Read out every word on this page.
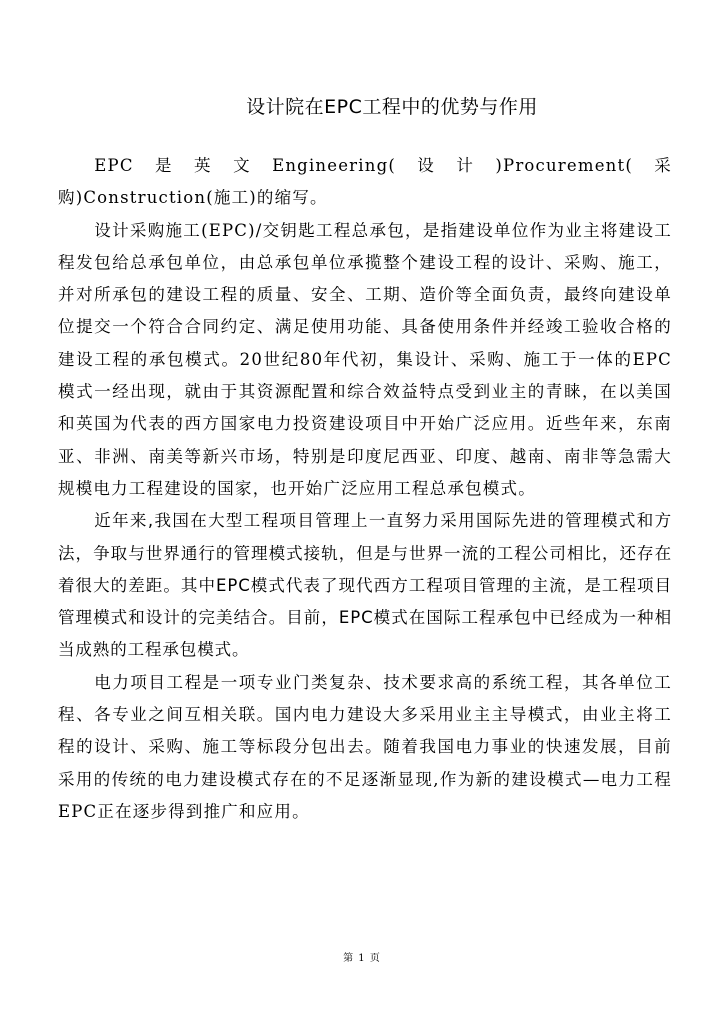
设计院在EPC工程中的优势与作用

EPC是英文Engineering(设计)Procurement(采购)Construction(施工)的缩写。

设计采购施工(EPC)/交钥匙工程总承包，是指建设单位作为业主将建设工程发包给总承包单位，由总承包单位承揽整个建设工程的设计、采购、施工，并对所承包的建设工程的质量、安全、工期、造价等全面负责，最终向建设单位提交一个符合合同约定、满足使用功能、具备使用条件并经竣工验收合格的建设工程的承包模式。20世纪80年代初，集设计、采购、施工于一体的EPC模式一经出现，就由于其资源配置和综合效益特点受到业主的青睐，在以美国和英国为代表的西方国家电力投资建设项目中开始广泛应用。近些年来，东南亚、非洲、南美等新兴市场，特别是印度尼西亚、印度、越南、南非等急需大规模电力工程建设的国家，也开始广泛应用工程总承包模式。

近年来,我国在大型工程项目管理上一直努力采用国际先进的管理模式和方法，争取与世界通行的管理模式接轨，但是与世界一流的工程公司相比，还存在着很大的差距。其中EPC模式代表了现代西方工程项目管理的主流，是工程项目管理模式和设计的完美结合。目前，EPC模式在国际工程承包中已经成为一种相当成熟的工程承包模式。

电力项目工程是一项专业门类复杂、技术要求高的系统工程，其各单位工程、各专业之间互相关联。国内电力建设大多采用业主主导模式，由业主将工程的设计、采购、施工等标段分包出去。随着我国电力事业的快速发展，目前采用的传统的电力建设模式存在的不足逐渐显现,作为新的建设模式—电力工程EPC正在逐步得到推广和应用。

第 1 页
